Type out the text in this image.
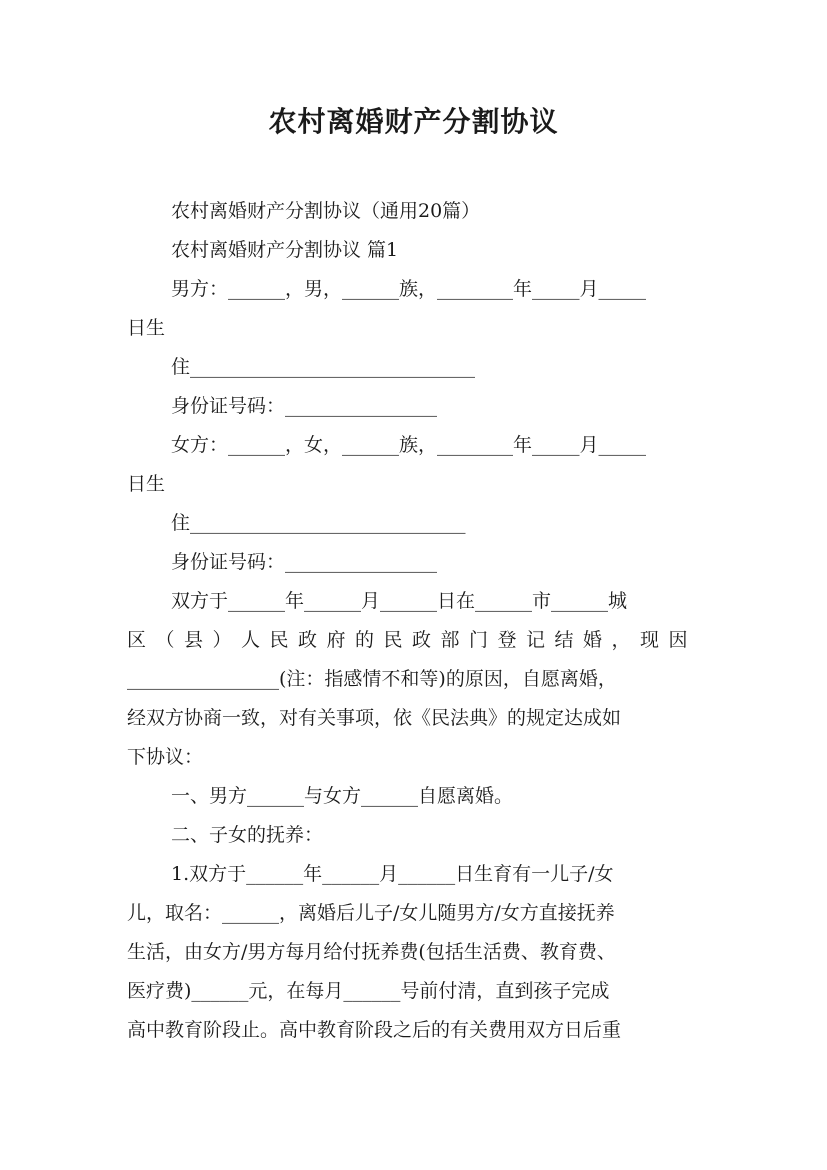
农村离婚财产分割协议
农村离婚财产分割协议（通用20篇）
农村离婚财产分割协议 篇1
男方：______，男，______族，________年_____月_____
日生
住______________________________
身份证号码：________________
女方：______，女，______族，________年_____月_____
日生
住_____________________________
身份证号码：________________
双方于______年______月______日在______市______城
区（县）人民政府的民政部门登记结婚，现因
________________(注：指感情不和等)的原因，自愿离婚，
经双方协商一致，对有关事项，依《民法典》的规定达成如
下协议：
一、男方______与女方______自愿离婚。
二、子女的抚养：
1.双方于______年______月______日生育有一儿子/女
儿，取名：______，离婚后儿子/女儿随男方/女方直接抚养
生活，由女方/男方每月给付抚养费(包括生活费、教育费、
医疗费)______元，在每月______号前付清，直到孩子完成
高中教育阶段止。高中教育阶段之后的有关费用双方日后重
